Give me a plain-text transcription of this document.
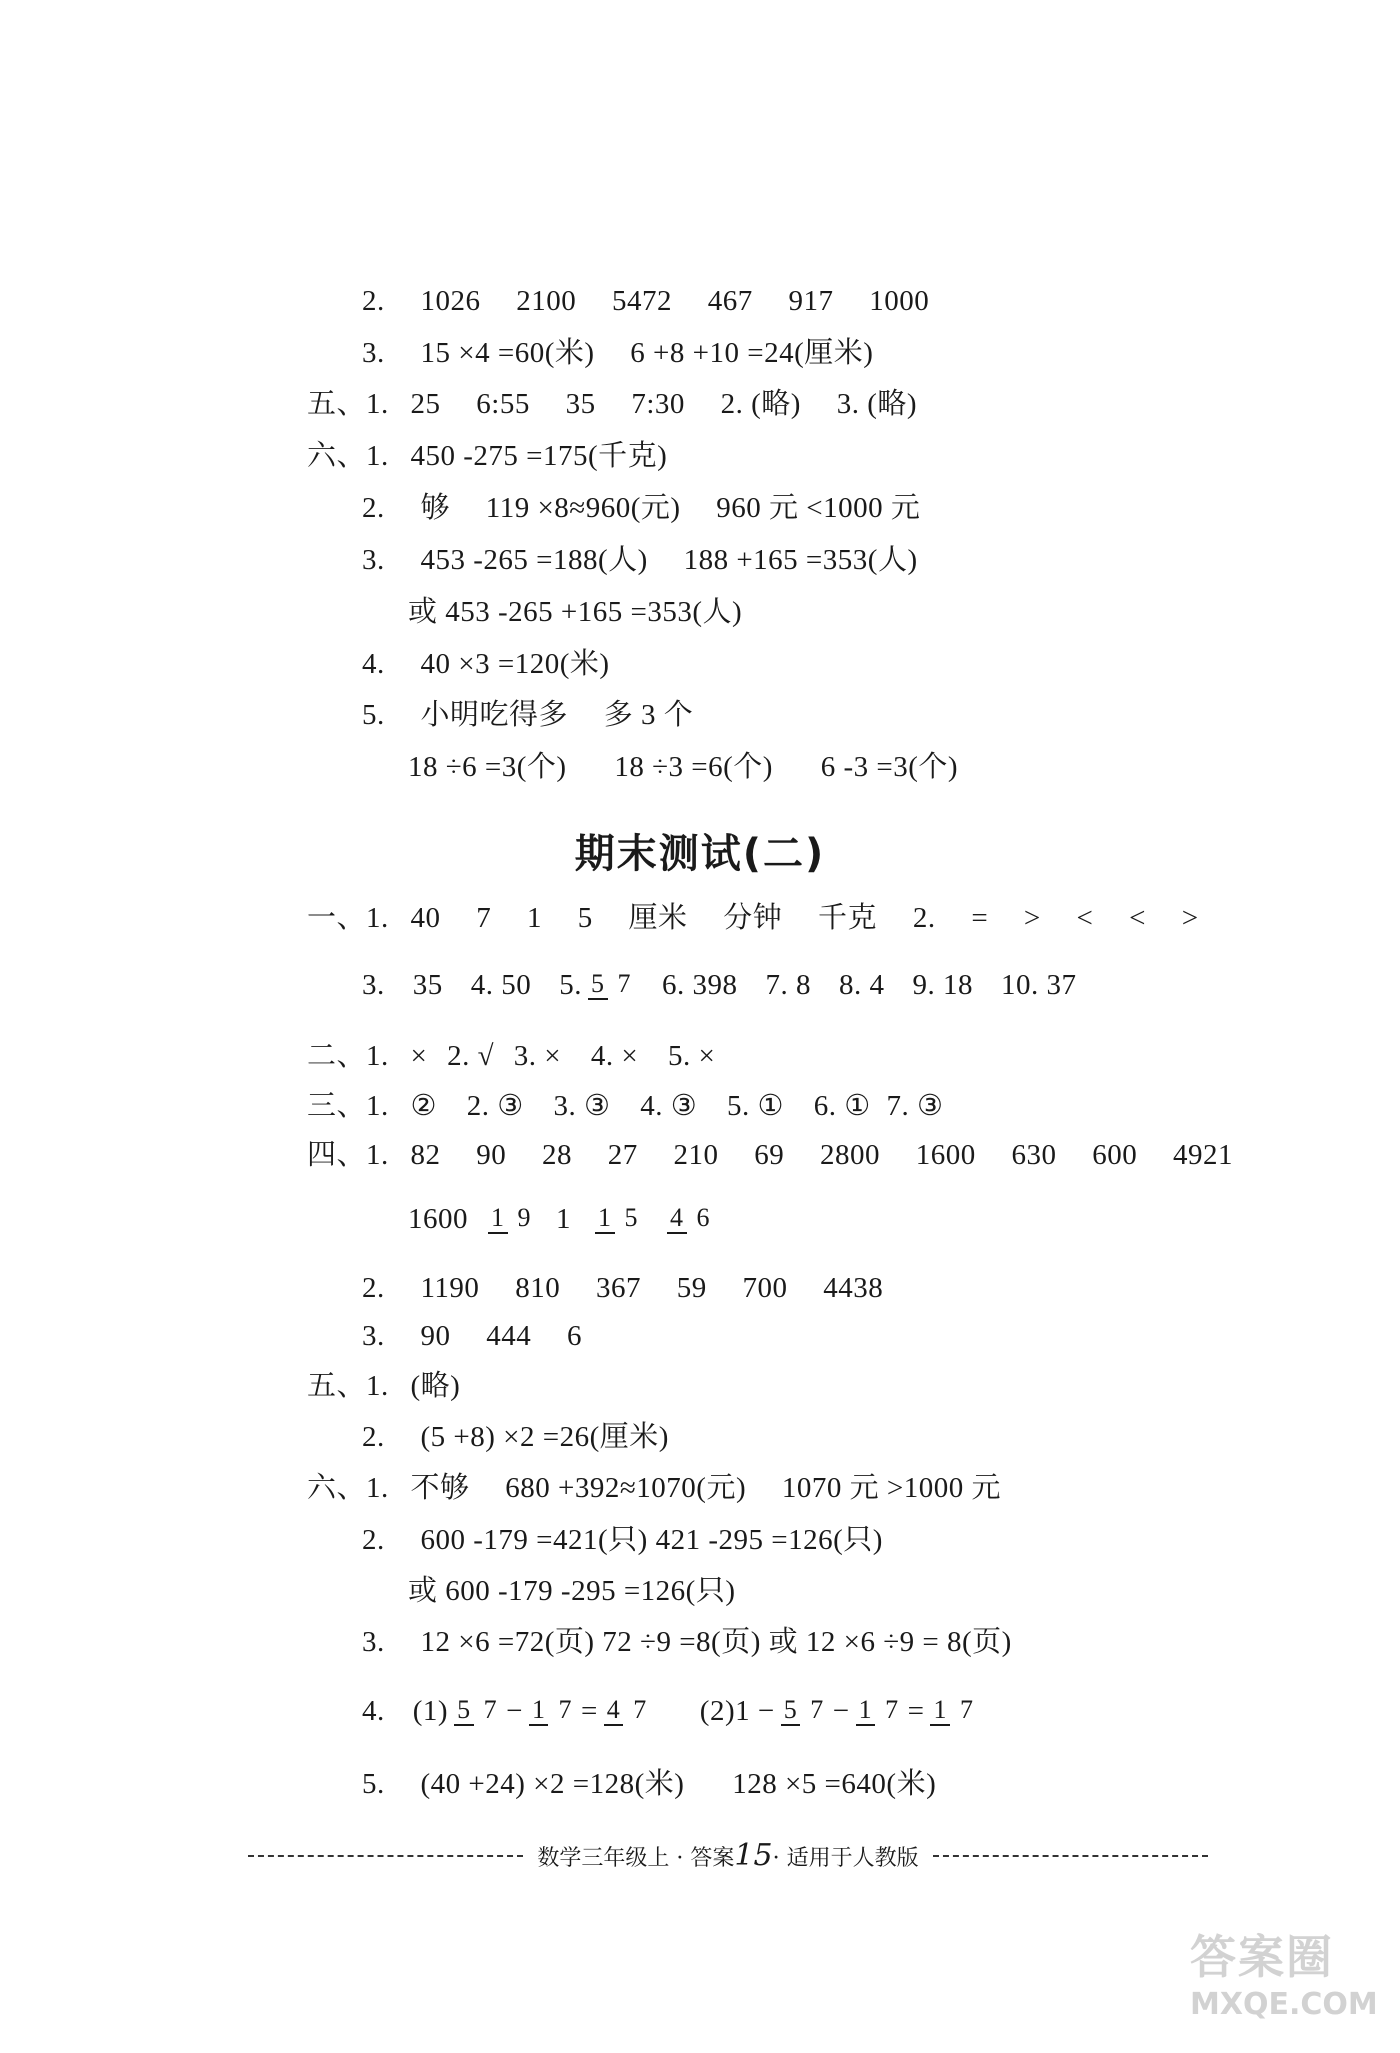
2. 1026 2100 5472 467 917 1000
3. 15 ×4 =60(米) 6 +8 +10 =24(厘米)
五、1. 25 6:55 35 7:30 2. (略) 3. (略)
六、1. 450 -275 =175(千克)
2. 够 119 ×8≈960(元) 960 元 <1000 元
3. 453 -265 =188(人) 188 +165 =353(人)
或 453 -265 +165 =353(人)
4. 40 ×3 =120(米)
5. 小明吃得多 多 3 个
18 ÷6 =3(个) 18 ÷3 =6(个) 6 -3 =3(个)
期末测试(二)
一、1. 40 7 1 5 厘米 分钟 千克 2. = > < < >
3. 35 4. 50 5. 5 7 6. 398 7. 8 8. 4 9. 18 10. 37
二、1. × 2. √ 3. × 4. × 5. ×
三、1. ② 2. ③ 3. ③ 4. ③ 5. ① 6. ① 7. ③
四、1. 82 90 28 27 210 69 2800 1600 630 600 4921
1600 1 9 1 1 5 4 6
2. 1190 810 367 59 700 4438
3. 90 444 6
五、1. (略)
2. (5 +8) ×2 =26(厘米)
六、1. 不够 680 +392≈1070(元) 1070 元 >1000 元
2. 600 -179 =421(只) 421 -295 =126(只)
或 600 -179 -295 =126(只)
3. 12 ×6 =72(页) 72 ÷9 =8(页) 或 12 ×6 ÷9 = 8(页)
4. (1) 5 7 − 1 7 = 4 7 (2)1 − 5 7 − 1 7 = 1 7
5. (40 +24) ×2 =128(米) 128 ×5 =640(米)
数学三年级上 · 答案15· 适用于人教版
答案圈
MXQE.COM
